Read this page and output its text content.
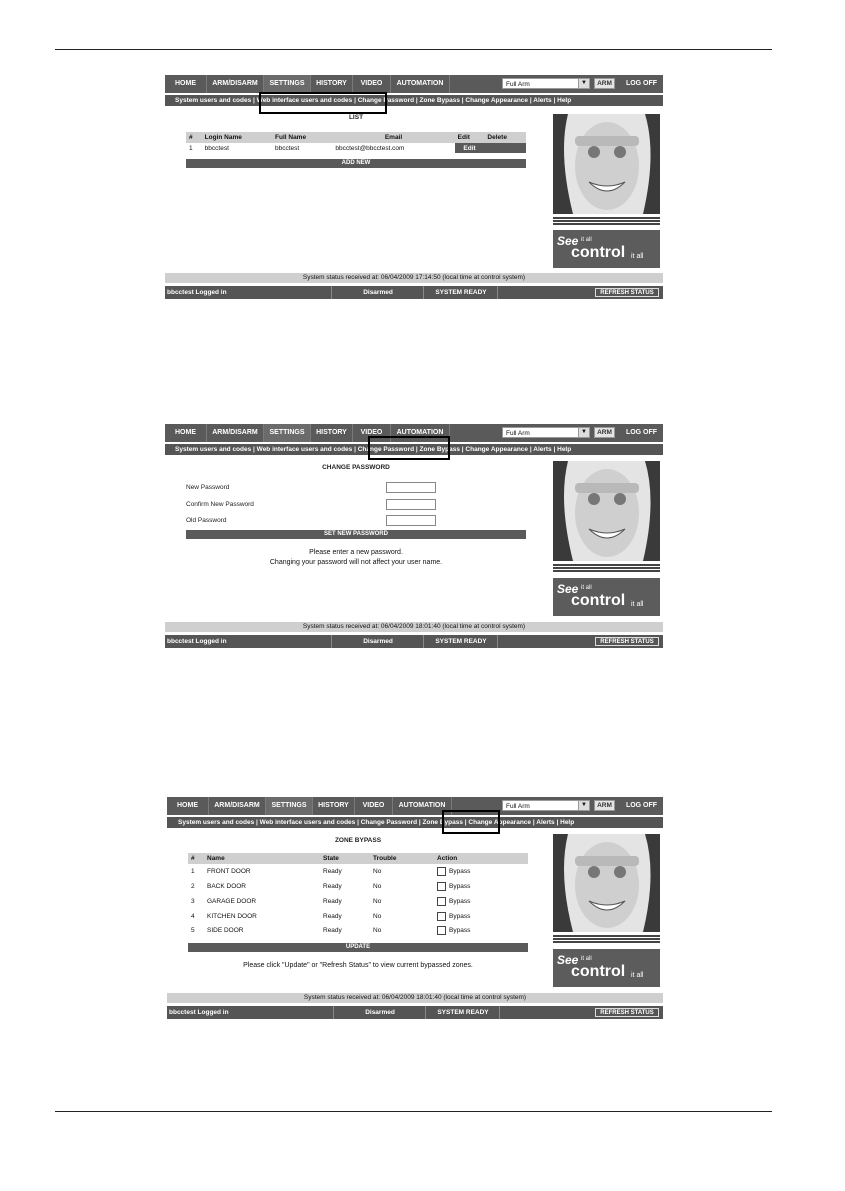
HOME	ARM/DISARM	SETTINGS	HISTORY	VIDEO	AUTOMATION	Full Arm	▼	ARM	LOG OFF
System users and codes | Web interface users and codes | Change Password | Zone Bypass | Change Appearance | Alerts | Help
LIST
#	Login Name	Full Name	Email	Edit	Delete
1	bbcctest	bbcctest	bbcctest@bbcctest.com	Edit	
ADD NEW
See it all
control it all
System status received at: 06/04/2009 17:14:50 (local time at control system)
bbcctest Logged in	Disarmed	SYSTEM READY	REFRESH STATUS
HOME	ARM/DISARM	SETTINGS	HISTORY	VIDEO	AUTOMATION	Full Arm	▼	ARM	LOG OFF
System users and codes | Web interface users and codes | Change Password | Zone Bypass | Change Appearance | Alerts | Help
CHANGE PASSWORD
New Password
Confirm New Password
Old Password
SET NEW PASSWORD
Please enter a new password.
Changing your password will not affect your user name.
See it all
control it all
System status received at: 06/04/2009 18:01:40 (local time at control system)
bbcctest Logged in	Disarmed	SYSTEM READY	REFRESH STATUS
HOME	ARM/DISARM	SETTINGS	HISTORY	VIDEO	AUTOMATION	Full Arm	▼	ARM	LOG OFF
System users and codes | Web interface users and codes | Change Password | Zone Bypass | Change Appearance | Alerts | Help
ZONE BYPASS
#	Name	State	Trouble	Action
1	FRONT DOOR	Ready	No	Bypass
2	BACK DOOR	Ready	No	Bypass
3	GARAGE DOOR	Ready	No	Bypass
4	KITCHEN DOOR	Ready	No	Bypass
5	SIDE DOOR	Ready	No	Bypass
UPDATE
Please click "Update" or "Refresh Status" to view current bypassed zones.	See it all
control it all
System status received at: 06/04/2009 18:01:40 (local time at control system)
bbcctest Logged in	Disarmed	SYSTEM READY	REFRESH STATUS
